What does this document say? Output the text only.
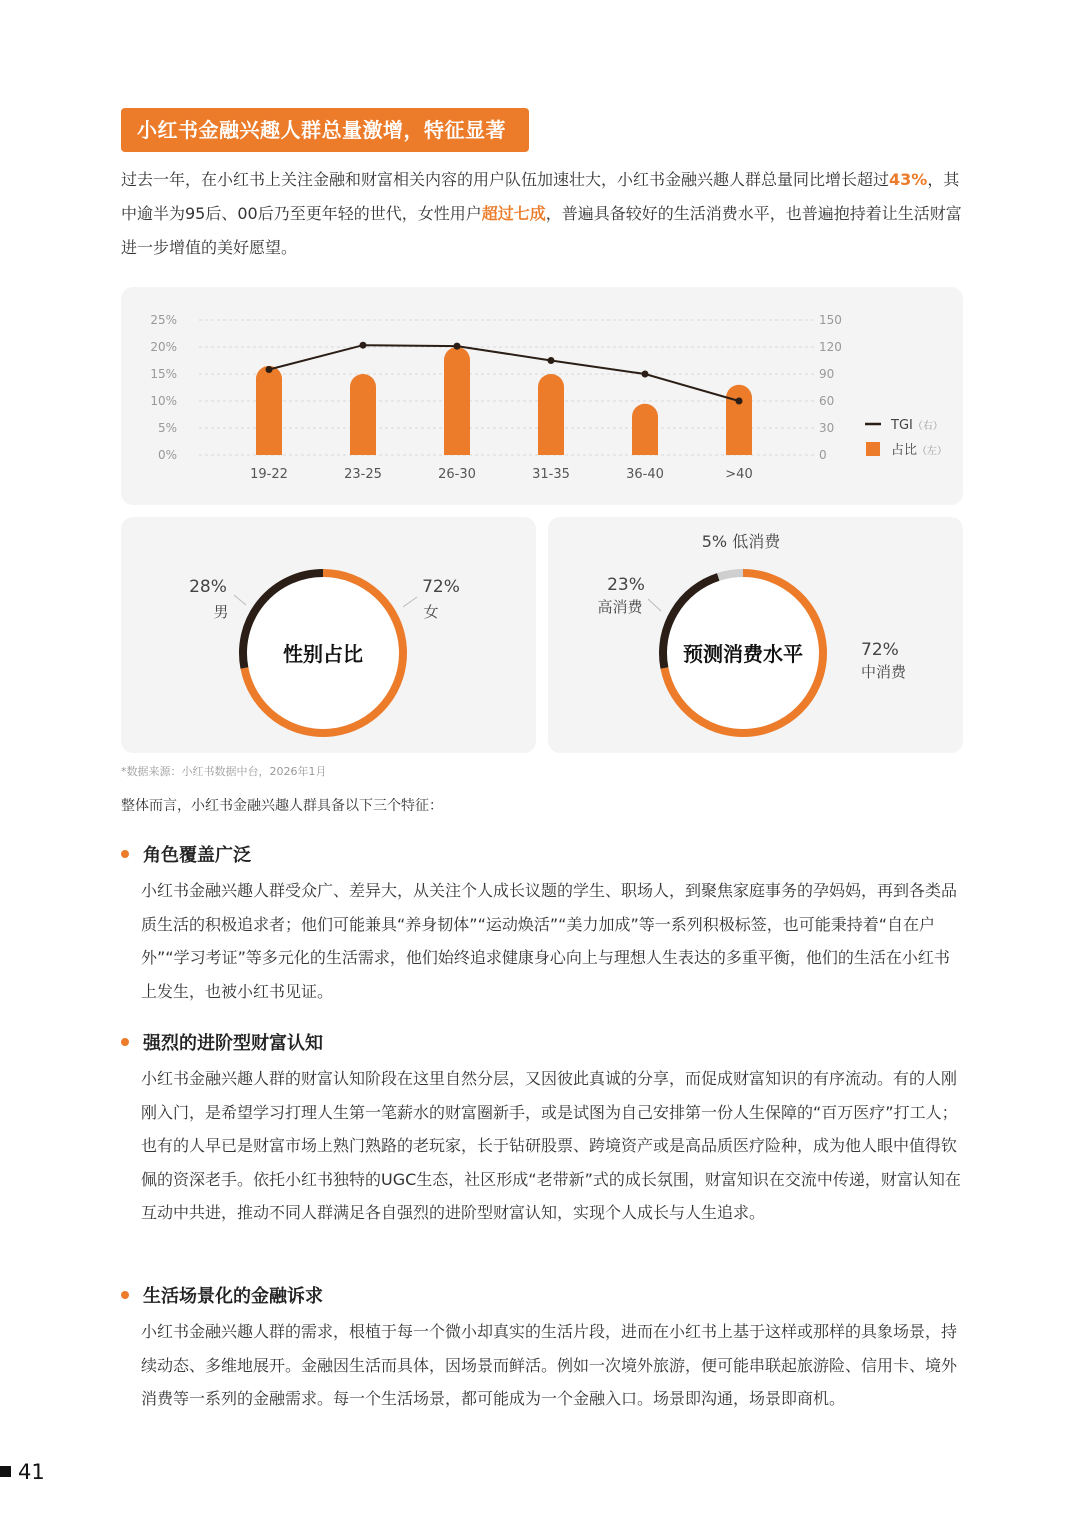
小红书金融兴趣人群总量激增，特征显著
过去一年，在小红书上关注金融和财富相关内容的用户队伍加速壮大，小红书金融兴趣人群总量同比增长超过43%，其中逾半为95后、00后乃至更年轻的世代，女性用户超过七成，普遍具备较好的生活消费水平，也普遍抱持着让生活财富进一步增值的美好愿望。
25%	150
20%	120
15%	90
10%	60
5%	30
0%	0
19-22	23-25	26-30	31-35	36-40	>40
TGI（右）
占比（左）
性别占比
28%
男
72%
女
预测消费水平
5% 低消费
23%
高消费
72%
中消费
*数据来源：小红书数据中台，2026年1月
整体而言，小红书金融兴趣人群具备以下三个特征：
角色覆盖广泛
小红书金融兴趣人群受众广、差异大，从关注个人成长议题的学生、职场人，到聚焦家庭事务的孕妈妈，再到各类品质生活的积极追求者；他们可能兼具“养身韧体”“运动焕活”“美力加成”等一系列积极标签，也可能秉持着“自在户外”“学习考证”等多元化的生活需求，他们始终追求健康身心向上与理想人生表达的多重平衡，他们的生活在小红书上发生，也被小红书见证。
强烈的进阶型财富认知
小红书金融兴趣人群的财富认知阶段在这里自然分层，又因彼此真诚的分享，而促成财富知识的有序流动。有的人刚刚入门，是希望学习打理人生第一笔薪水的财富圈新手，或是试图为自己安排第一份人生保障的“百万医疗”打工人；也有的人早已是财富市场上熟门熟路的老玩家，长于钻研股票、跨境资产或是高品质医疗险种，成为他人眼中值得钦佩的资深老手。依托小红书独特的UGC生态，社区形成“老带新”式的成长氛围，财富知识在交流中传递，财富认知在互动中共进，推动不同人群满足各自强烈的进阶型财富认知，实现个人成长与人生追求。
生活场景化的金融诉求
小红书金融兴趣人群的需求，根植于每一个微小却真实的生活片段，进而在小红书上基于这样或那样的具象场景，持续动态、多维地展开。金融因生活而具体，因场景而鲜活。例如一次境外旅游，便可能串联起旅游险、信用卡、境外消费等一系列的金融需求。每一个生活场景，都可能成为一个金融入口。场景即沟通，场景即商机。
41
